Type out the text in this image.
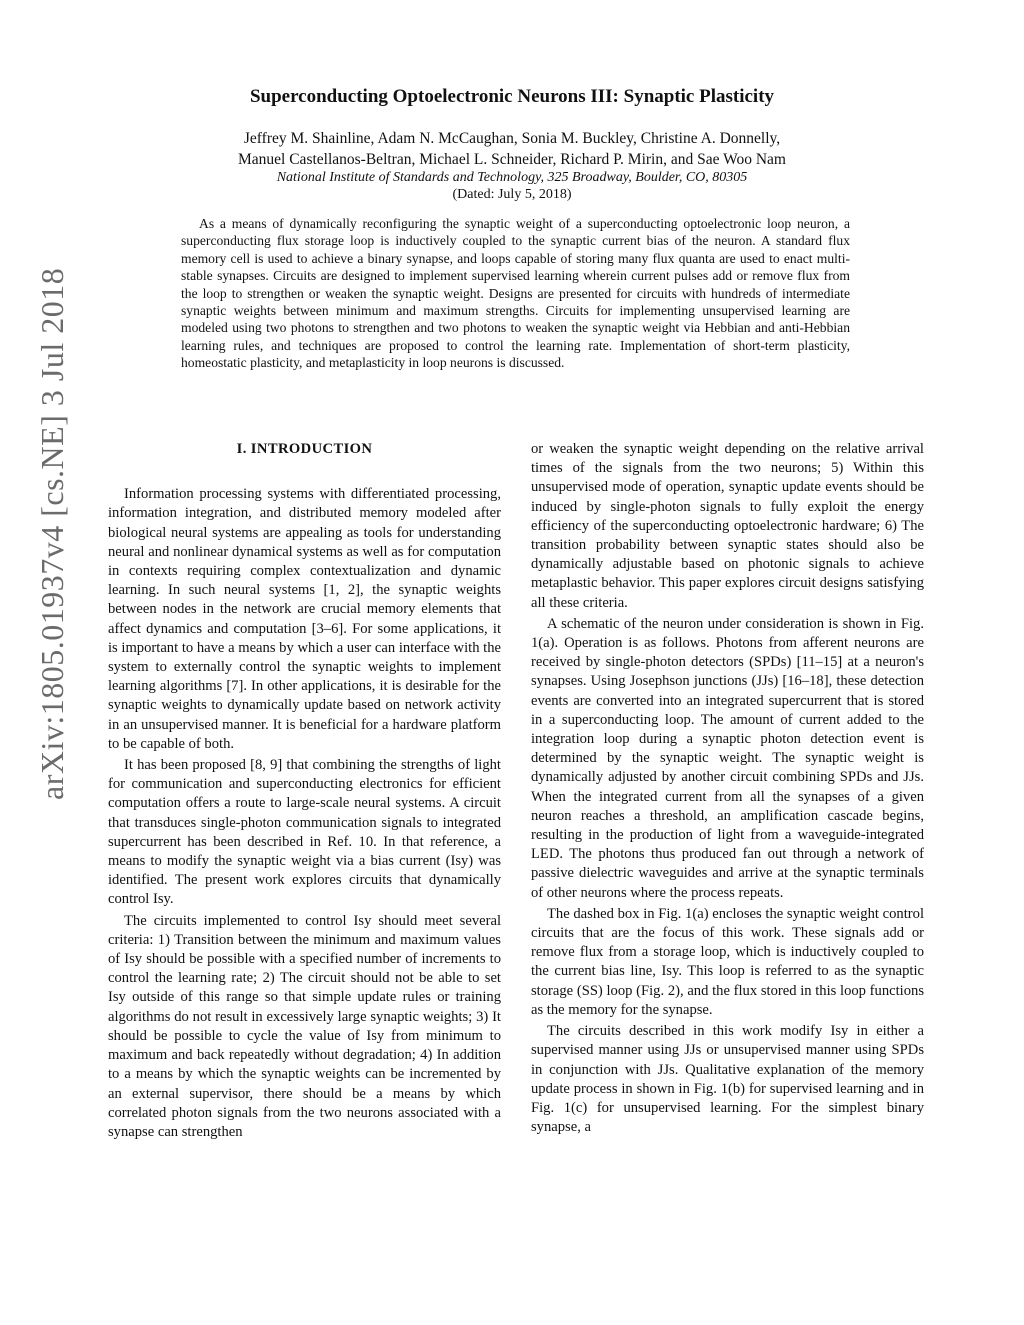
arXiv:1805.01937v4 [cs.NE] 3 Jul 2018
Superconducting Optoelectronic Neurons III: Synaptic Plasticity
Jeffrey M. Shainline, Adam N. McCaughan, Sonia M. Buckley, Christine A. Donnelly,
Manuel Castellanos-Beltran, Michael L. Schneider, Richard P. Mirin, and Sae Woo Nam
National Institute of Standards and Technology, 325 Broadway, Boulder, CO, 80305
(Dated: July 5, 2018)

As a means of dynamically reconfiguring the synaptic weight of a superconducting optoelectronic loop neuron, a superconducting flux storage loop is inductively coupled to the synaptic current bias of the neuron. A standard flux memory cell is used to achieve a binary synapse, and loops capable of storing many flux quanta are used to enact multi-stable synapses. Circuits are designed to implement supervised learning wherein current pulses add or remove flux from the loop to strengthen or weaken the synaptic weight. Designs are presented for circuits with hundreds of intermediate synaptic weights between minimum and maximum strengths. Circuits for implementing unsupervised learning are modeled using two photons to strengthen and two photons to weaken the synaptic weight via Hebbian and anti-Hebbian learning rules, and techniques are proposed to control the learning rate. Implementation of short-term plasticity, homeostatic plasticity, and metaplasticity in loop neurons is discussed.

I. INTRODUCTION

Information processing systems with differentiated processing, information integration, and distributed memory modeled after biological neural systems are appealing as tools for understanding neural and nonlinear dynamical systems as well as for computation in contexts requiring complex contextualization and dynamic learning. In such neural systems [1, 2], the synaptic weights between nodes in the network are crucial memory elements that affect dynamics and computation [3–6]. For some applications, it is important to have a means by which a user can interface with the system to externally control the synaptic weights to implement learning algorithms [7]. In other applications, it is desirable for the synaptic weights to dynamically update based on network activity in an unsupervised manner. It is beneficial for a hardware platform to be capable of both.

It has been proposed [8, 9] that combining the strengths of light for communication and superconducting electronics for efficient computation offers a route to large-scale neural systems. A circuit that transduces single-photon communication signals to integrated supercurrent has been described in Ref. 10. In that reference, a means to modify the synaptic weight via a bias current (Isy) was identified. The present work explores circuits that dynamically control Isy.

The circuits implemented to control Isy should meet several criteria: 1) Transition between the minimum and maximum values of Isy should be possible with a specified number of increments to control the learning rate; 2) The circuit should not be able to set Isy outside of this range so that simple update rules or training algorithms do not result in excessively large synaptic weights; 3) It should be possible to cycle the value of Isy from minimum to maximum and back repeatedly without degradation; 4) In addition to a means by which the synaptic weights can be incremented by an external supervisor, there should be a means by which correlated photon signals from the two neurons associated with a synapse can strengthen

or weaken the synaptic weight depending on the relative arrival times of the signals from the two neurons; 5) Within this unsupervised mode of operation, synaptic update events should be induced by single-photon signals to fully exploit the energy efficiency of the superconducting optoelectronic hardware; 6) The transition probability between synaptic states should also be dynamically adjustable based on photonic signals to achieve metaplastic behavior. This paper explores circuit designs satisfying all these criteria.

A schematic of the neuron under consideration is shown in Fig. 1(a). Operation is as follows. Photons from afferent neurons are received by single-photon detectors (SPDs) [11–15] at a neuron's synapses. Using Josephson junctions (JJs) [16–18], these detection events are converted into an integrated supercurrent that is stored in a superconducting loop. The amount of current added to the integration loop during a synaptic photon detection event is determined by the synaptic weight. The synaptic weight is dynamically adjusted by another circuit combining SPDs and JJs. When the integrated current from all the synapses of a given neuron reaches a threshold, an amplification cascade begins, resulting in the production of light from a waveguide-integrated LED. The photons thus produced fan out through a network of passive dielectric waveguides and arrive at the synaptic terminals of other neurons where the process repeats.

The dashed box in Fig. 1(a) encloses the synaptic weight control circuits that are the focus of this work. These signals add or remove flux from a storage loop, which is inductively coupled to the current bias line, Isy. This loop is referred to as the synaptic storage (SS) loop (Fig. 2), and the flux stored in this loop functions as the memory for the synapse.

The circuits described in this work modify Isy in either a supervised manner using JJs or unsupervised manner using SPDs in conjunction with JJs. Qualitative explanation of the memory update process in shown in Fig. 1(b) for supervised learning and in Fig. 1(c) for unsupervised learning. For the simplest binary synapse, a
